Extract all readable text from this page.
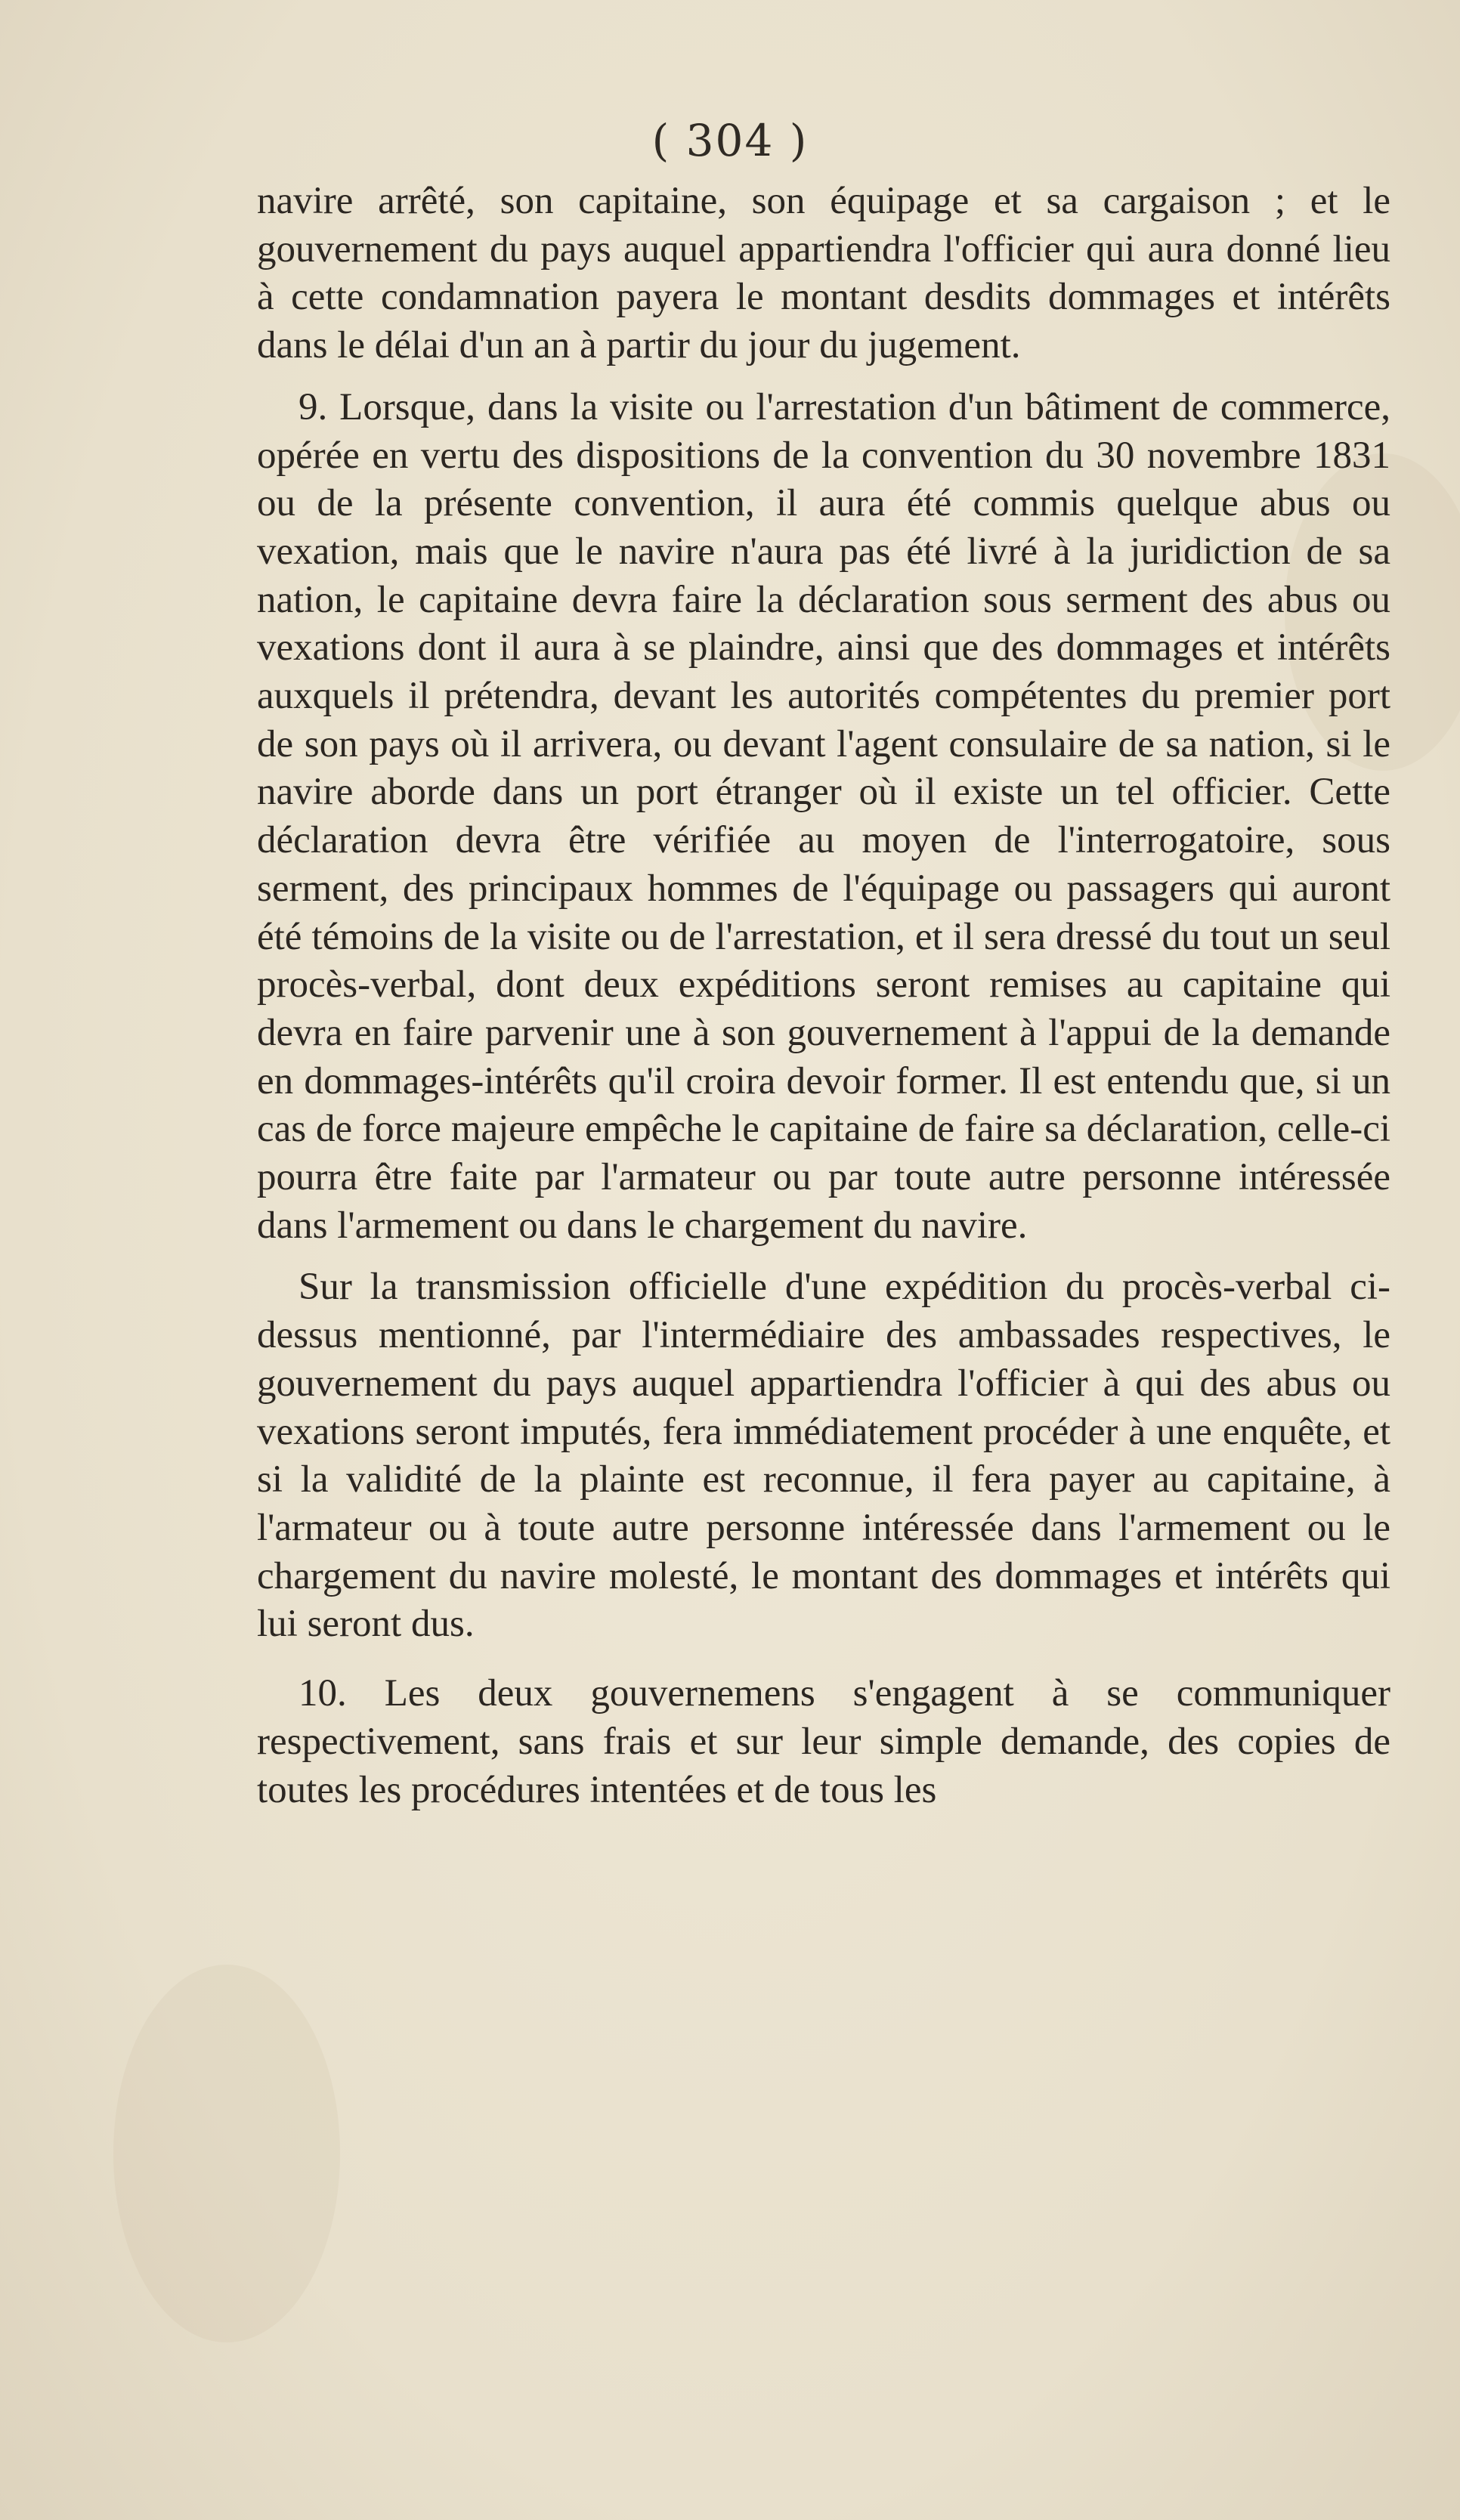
( 304 )

navire arrêté, son capitaine, son équipage et sa cargaison ; et le gouvernement du pays auquel appartiendra l'officier qui aura donné lieu à cette condamnation payera le montant desdits dommages et intérêts dans le délai d'un an à partir du jour du jugement.

9. Lorsque, dans la visite ou l'arrestation d'un bâtiment de commerce, opérée en vertu des dispositions de la convention du 30 novembre 1831 ou de la présente convention, il aura été commis quelque abus ou vexation, mais que le navire n'aura pas été livré à la juridiction de sa nation, le capitaine devra faire la déclaration sous serment des abus ou vexations dont il aura à se plaindre, ainsi que des dommages et intérêts auxquels il prétendra, devant les autorités compétentes du premier port de son pays où il arrivera, ou devant l'agent consulaire de sa nation, si le navire aborde dans un port étranger où il existe un tel officier. Cette déclaration devra être vérifiée au moyen de l'interrogatoire, sous serment, des principaux hommes de l'équipage ou passagers qui auront été témoins de la visite ou de l'arrestation, et il sera dressé du tout un seul procès-verbal, dont deux expéditions seront remises au capitaine qui devra en faire parvenir une à son gouvernement à l'appui de la demande en dommages-intérêts qu'il croira devoir former. Il est entendu que, si un cas de force majeure empêche le capitaine de faire sa déclaration, celle-ci pourra être faite par l'armateur ou par toute autre personne intéressée dans l'armement ou dans le chargement du navire.

Sur la transmission officielle d'une expédition du procès-verbal ci-dessus mentionné, par l'intermédiaire des ambassades respectives, le gouvernement du pays auquel appartiendra l'officier à qui des abus ou vexations seront imputés, fera immédiatement procéder à une enquête, et si la validité de la plainte est reconnue, il fera payer au capitaine, à l'armateur ou à toute autre personne intéressée dans l'armement ou le chargement du navire molesté, le montant des dommages et intérêts qui lui seront dus.

10. Les deux gouvernemens s'engagent à se communiquer respectivement, sans frais et sur leur simple demande, des copies de toutes les procédures intentées et de tous les
